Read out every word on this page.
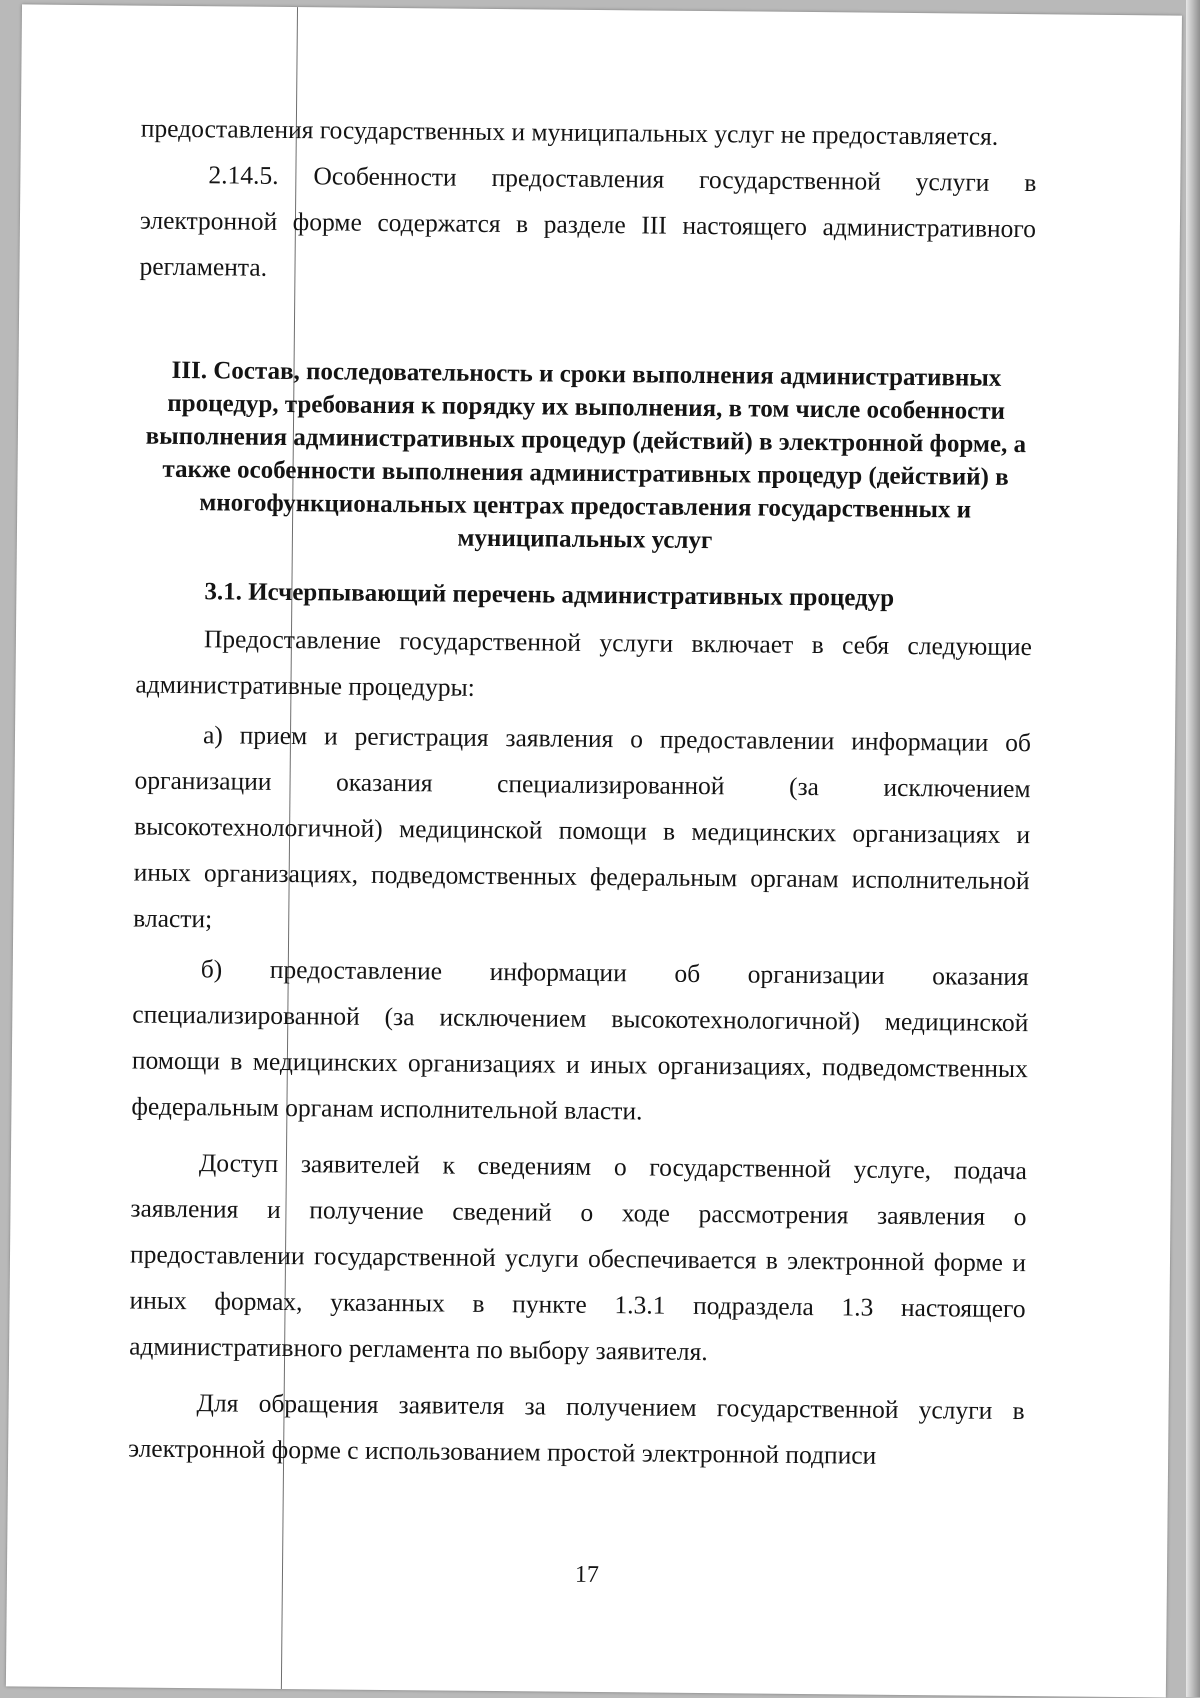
предоставления государственных и муниципальных услуг не предоставляется.

2.14.5. Особенности предоставления государственной услуги в электронной форме содержатся в разделе III настоящего административного регламента.

III. Состав, последовательность и сроки выполнения административных процедур, требования к порядку их выполнения, в том числе особенности выполнения административных процедур (действий) в электронной форме, а также особенности выполнения административных процедур (действий) в многофункциональных центрах предоставления государственных и муниципальных услуг
3.1. Исчерпывающий перечень административных процедур

Предоставление государственной услуги включает в себя следующие административные процедуры:

а) прием и регистрация заявления о предоставлении информации об организации оказания специализированной (за исключением высокотехнологичной) медицинской помощи в медицинских организациях и иных организациях, подведомственных федеральным органам исполнительной власти;

б) предоставление информации об организации оказания специализированной (за исключением высокотехнологичной) медицинской помощи в медицинских организациях и иных организациях, подведомственных федеральным органам исполнительной власти.

Доступ заявителей к сведениям о государственной услуге, подача заявления и получение сведений о ходе рассмотрения заявления о предоставлении государственной услуги обеспечивается в электронной форме и иных формах, указанных в пункте 1.3.1 подраздела 1.3 настоящего административного регламента по выбору заявителя.

Для обращения заявителя за получением государственной услуги в электронной форме с использованием простой электронной подписи

17
